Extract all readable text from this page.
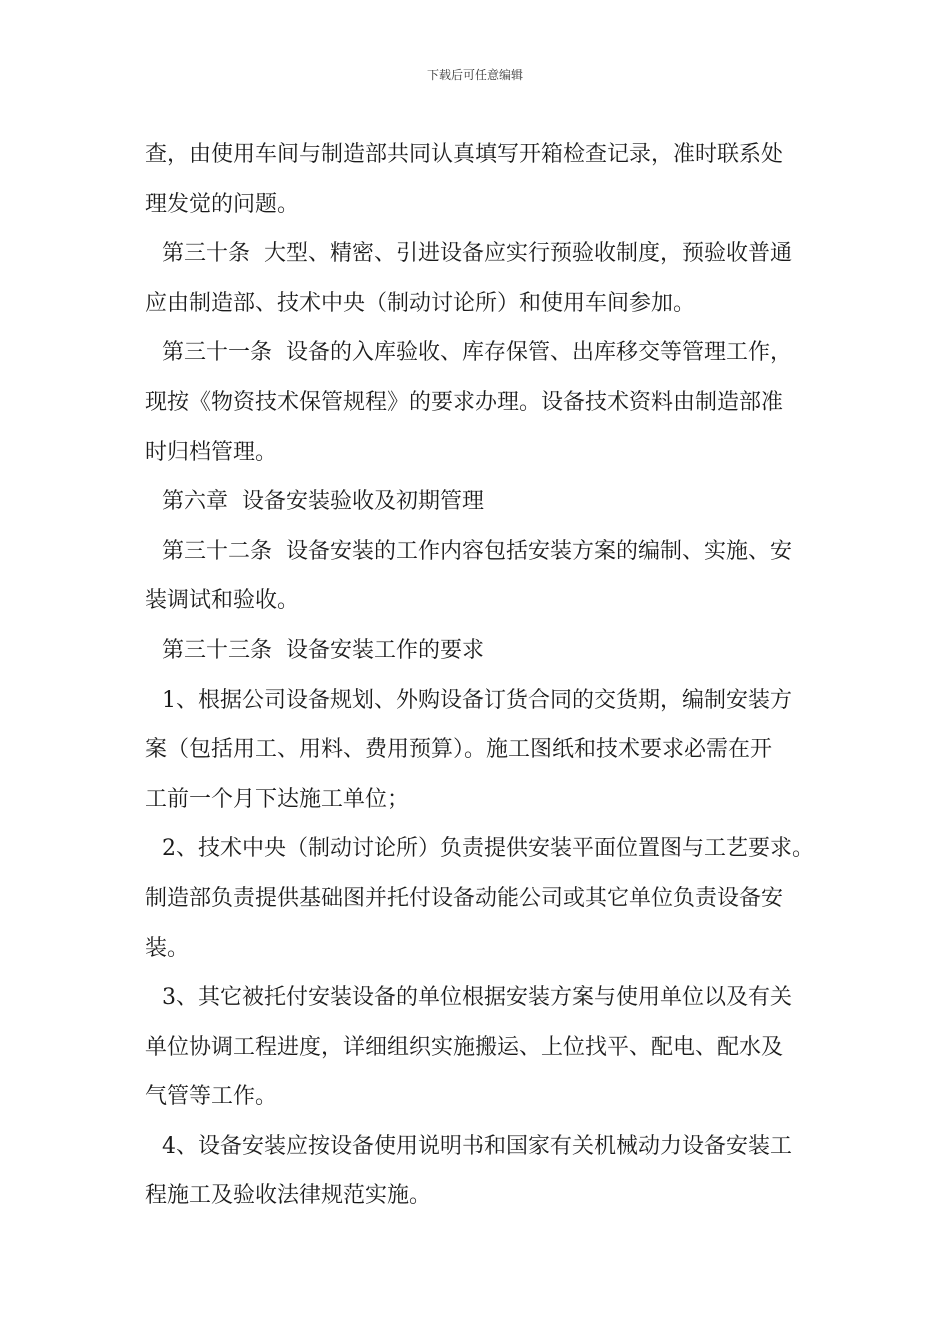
下载后可任意编辑
查，由使用车间与制造部共同认真填写开箱检查记录，准时联系处
理发觉的问题。
第三十条  大型、精密、引进设备应实行预验收制度，预验收普通
应由制造部、技术中央（制动讨论所）和使用车间参加。
第三十一条  设备的入库验收、库存保管、出库移交等管理工作，
现按《物资技术保管规程》的要求办理。设备技术资料由制造部准
时归档管理。
第六章  设备安装验收及初期管理
第三十二条  设备安装的工作内容包括安装方案的编制、实施、安
装调试和验收。
第三十三条  设备安装工作的要求
1、根据公司设备规划、外购设备订货合同的交货期，编制安装方
案（包括用工、用料、费用预算）。施工图纸和技术要求必需在开
工前一个月下达施工单位；
2、技术中央（制动讨论所）负责提供安装平面位置图与工艺要求。
制造部负责提供基础图并托付设备动能公司或其它单位负责设备安
装。
3、其它被托付安装设备的单位根据安装方案与使用单位以及有关
单位协调工程进度，详细组织实施搬运、上位找平、配电、配水及
气管等工作。
4、设备安装应按设备使用说明书和国家有关机械动力设备安装工
程施工及验收法律规范实施。
